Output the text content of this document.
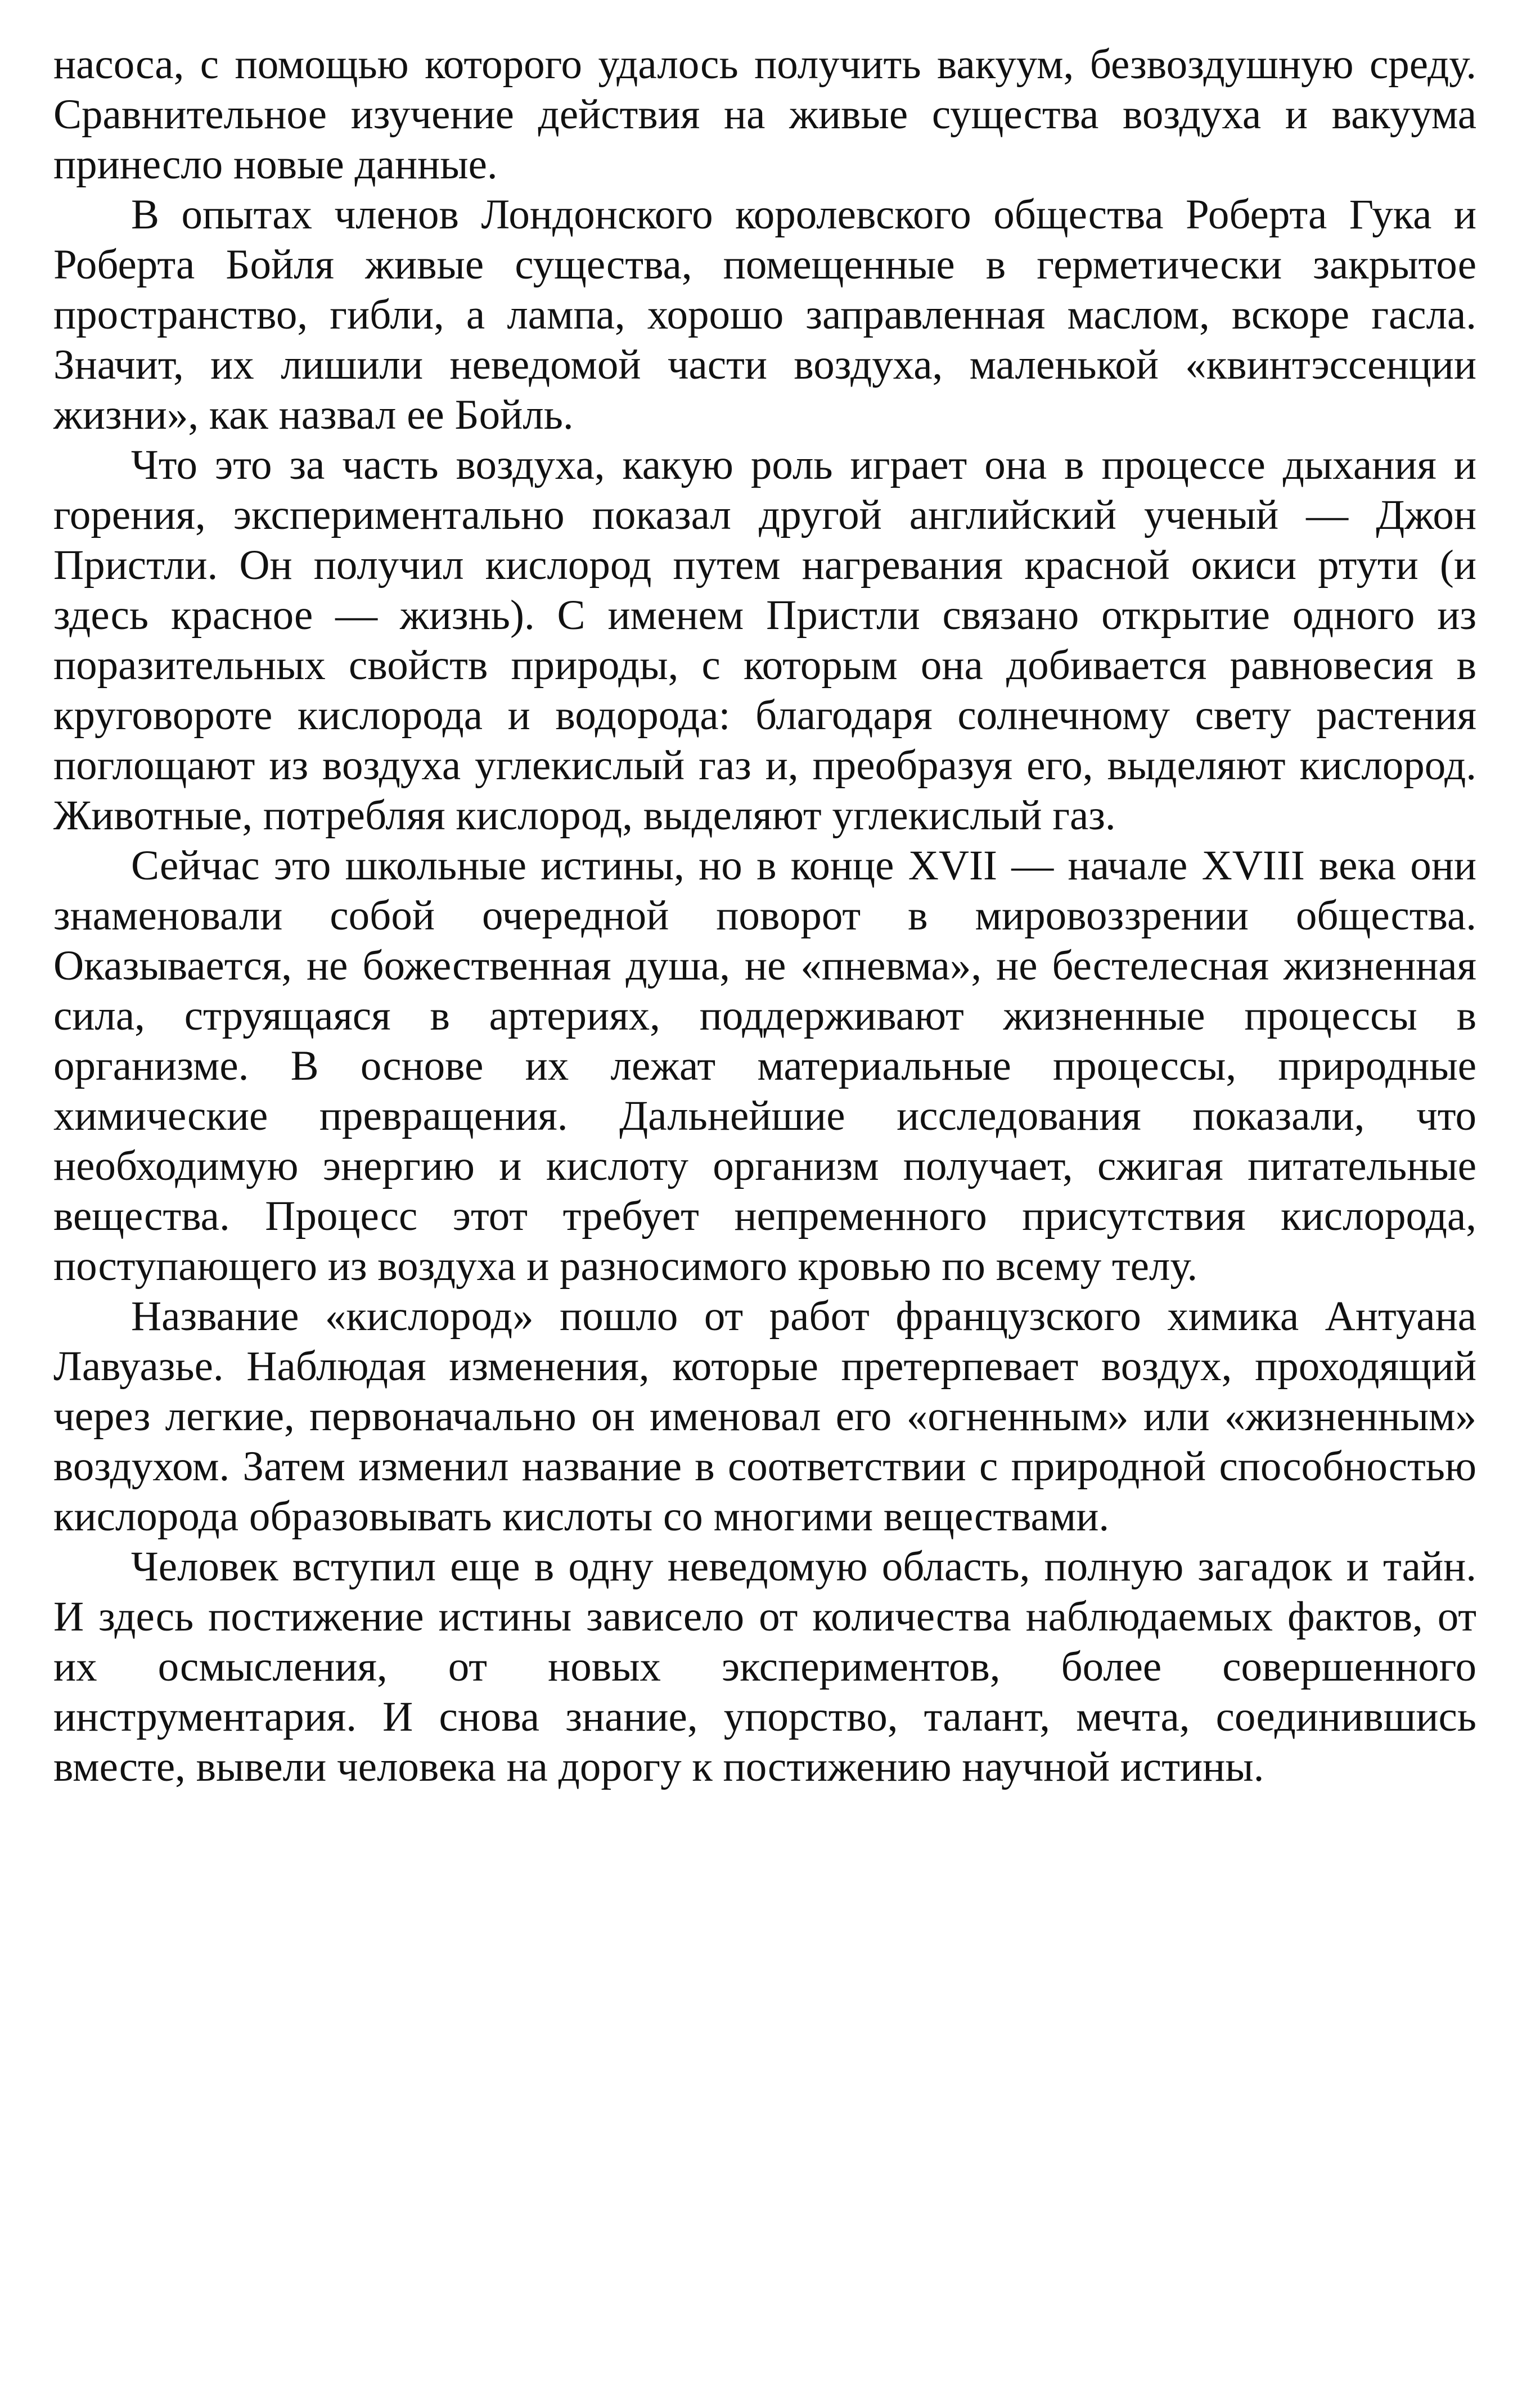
насоса, с помощью которого удалось получить вакуум, безвоздушную среду. Сравнительное изучение действия на живые существа воздуха и вакуума принесло новые данные.

В опытах членов Лондонского королевского общества Роберта Гука и Роберта Бойля живые существа, помещенные в герметически закрытое пространство, гибли, а лампа, хорошо заправленная маслом, вскоре гасла. Значит, их лишили неведомой части воздуха, маленькой «квинтэссенции жизни», как назвал ее Бойль.

Что это за часть воздуха, какую роль играет она в процессе дыхания и горения, экспериментально показал другой английский ученый — Джон Пристли. Он получил кислород путем нагревания красной окиси ртути (и здесь красное — жизнь). С именем Пристли связано открытие одного из поразительных свойств природы, с которым она добивается равновесия в круговороте кислорода и водорода: благодаря солнечному свету растения поглощают из воздуха углекислый газ и, преобразуя его, выделяют кислород. Животные, потребляя кислород, выделяют углекислый газ.

Сейчас это школьные истины, но в конце XVII — начале XVIII века они знаменовали собой очередной поворот в мировоззрении общества. Оказывается, не божественная душа, не «пневма», не бестелесная жизненная сила, струящаяся в артериях, поддерживают жизненные процессы в организме. В основе их лежат материальные процессы, природные химические превращения. Дальнейшие исследования показали, что необходимую энергию и кислоту организм получает, сжигая питательные вещества. Процесс этот требует непременного присутствия кислорода, поступающего из воздуха и разносимого кровью по всему телу.

Название «кислород» пошло от работ французского химика Антуана Лавуазье. Наблюдая изменения, которые претерпевает воздух, проходящий через легкие, первоначально он именовал его «огненным» или «жизненным» воздухом. Затем изменил название в соответствии с природной способностью кислорода образовывать кислоты со многими веществами.

Человек вступил еще в одну неведомую область, полную загадок и тайн. И здесь постижение истины зависело от количества наблюдаемых фактов, от их осмысления, от новых экспериментов, более совершенного инструментария. И снова знание, упорство, талант, мечта, соединившись вместе, вывели человека на дорогу к постижению научной истины.
